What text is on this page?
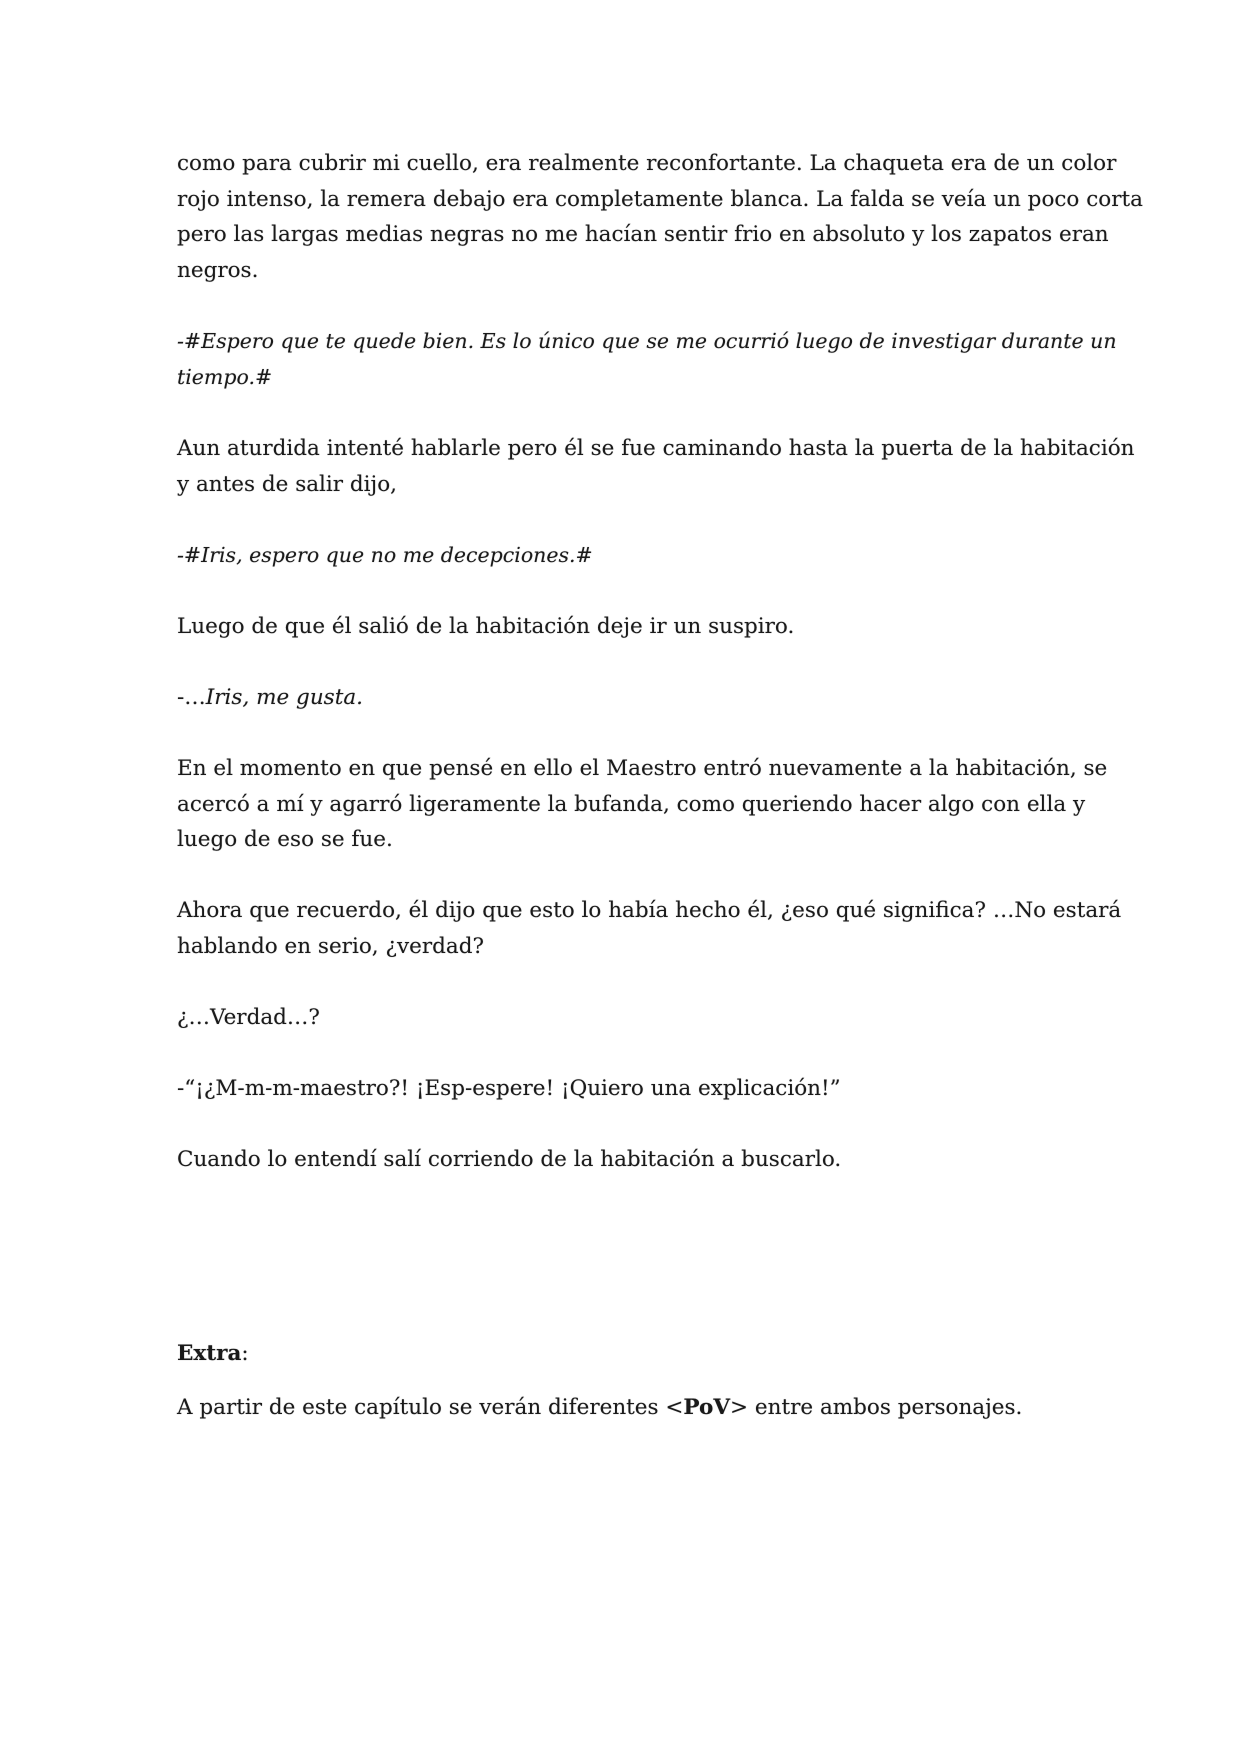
como para cubrir mi cuello, era realmente reconfortante. La chaqueta era de un color
rojo intenso, la remera debajo era completamente blanca. La falda se veía un poco corta
pero las largas medias negras no me hacían sentir frio en absoluto y los zapatos eran
negros.
-#Espero que te quede bien. Es lo único que se me ocurrió luego de investigar durante un
tiempo.#
Aun aturdida intenté hablarle pero él se fue caminando hasta la puerta de la habitación
y antes de salir dijo,
-#Iris, espero que no me decepciones.#
Luego de que él salió de la habitación deje ir un suspiro.
-…Iris, me gusta.
En el momento en que pensé en ello el Maestro entró nuevamente a la habitación, se
acercó a mí y agarró ligeramente la bufanda, como queriendo hacer algo con ella y
luego de eso se fue.
Ahora que recuerdo, él dijo que esto lo había hecho él, ¿eso qué significa? …No estará
hablando en serio, ¿verdad?
¿…Verdad…?
-“¡¿M-m-m-maestro?! ¡Esp-espere! ¡Quiero una explicación!”
Cuando lo entendí salí corriendo de la habitación a buscarlo.
Extra:
A partir de este capítulo se verán diferentes <PoV> entre ambos personajes.
